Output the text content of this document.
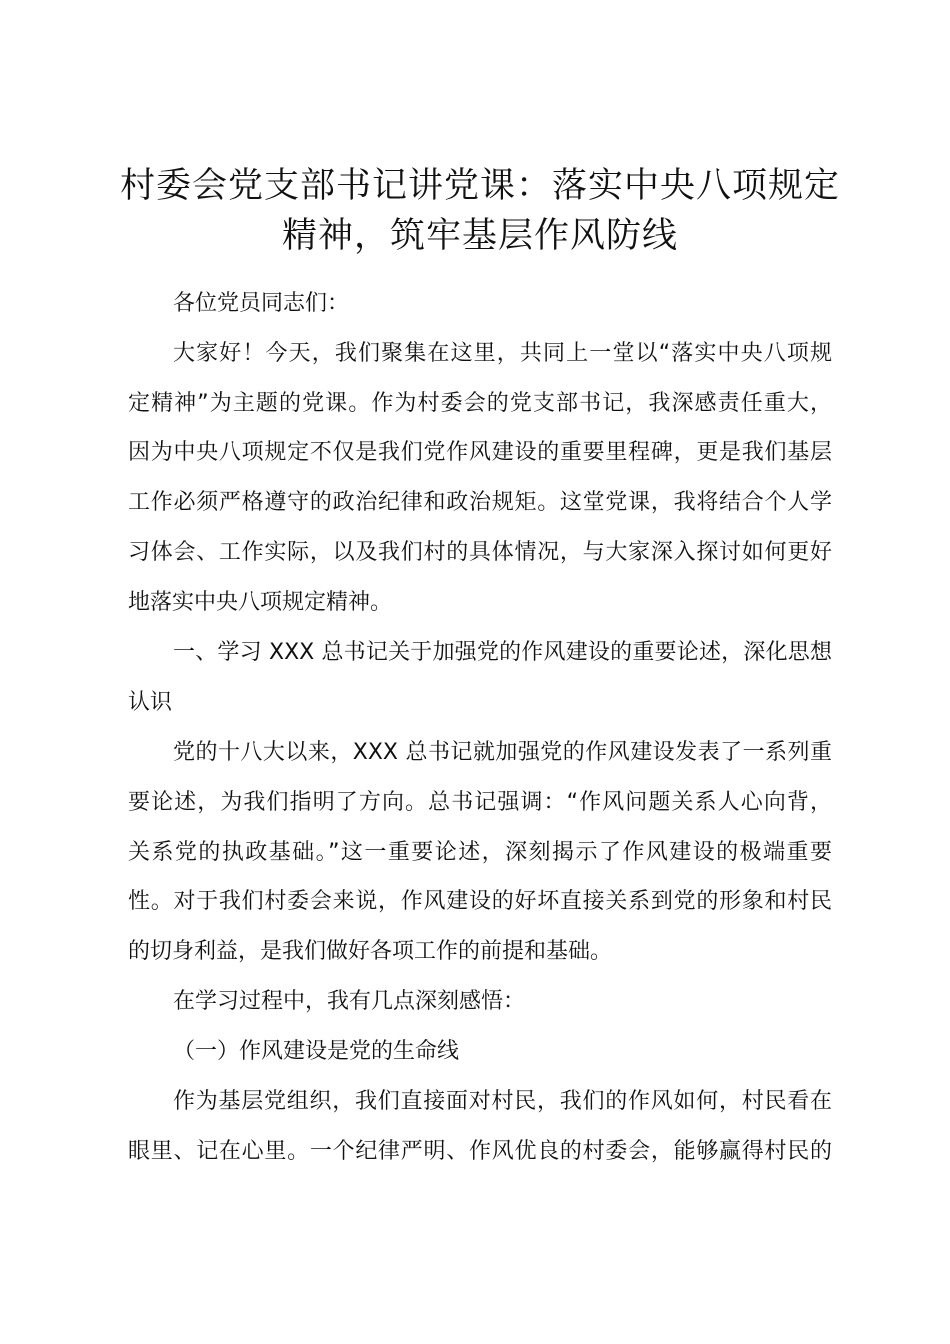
村委会党支部书记讲党课：落实中央八项规定
精神，筑牢基层作风防线

各位党员同志们：

大家好！今天，我们聚集在这里，共同上一堂以“落实中央八项规

定精神”为主题的党课。作为村委会的党支部书记，我深感责任重大，

因为中央八项规定不仅是我们党作风建设的重要里程碑，更是我们基层

工作必须严格遵守的政治纪律和政治规矩。这堂党课，我将结合个人学

习体会、工作实际，以及我们村的具体情况，与大家深入探讨如何更好

地落实中央八项规定精神。

一、学习 XXX 总书记关于加强党的作风建设的重要论述，深化思想

认识

党的十八大以来，XXX 总书记就加强党的作风建设发表了一系列重

要论述，为我们指明了方向。总书记强调：“作风问题关系人心向背，

关系党的执政基础。”这一重要论述，深刻揭示了作风建设的极端重要

性。对于我们村委会来说，作风建设的好坏直接关系到党的形象和村民

的切身利益，是我们做好各项工作的前提和基础。

在学习过程中，我有几点深刻感悟：

（一）作风建设是党的生命线

作为基层党组织，我们直接面对村民，我们的作风如何，村民看在

眼里、记在心里。一个纪律严明、作风优良的村委会，能够赢得村民的
